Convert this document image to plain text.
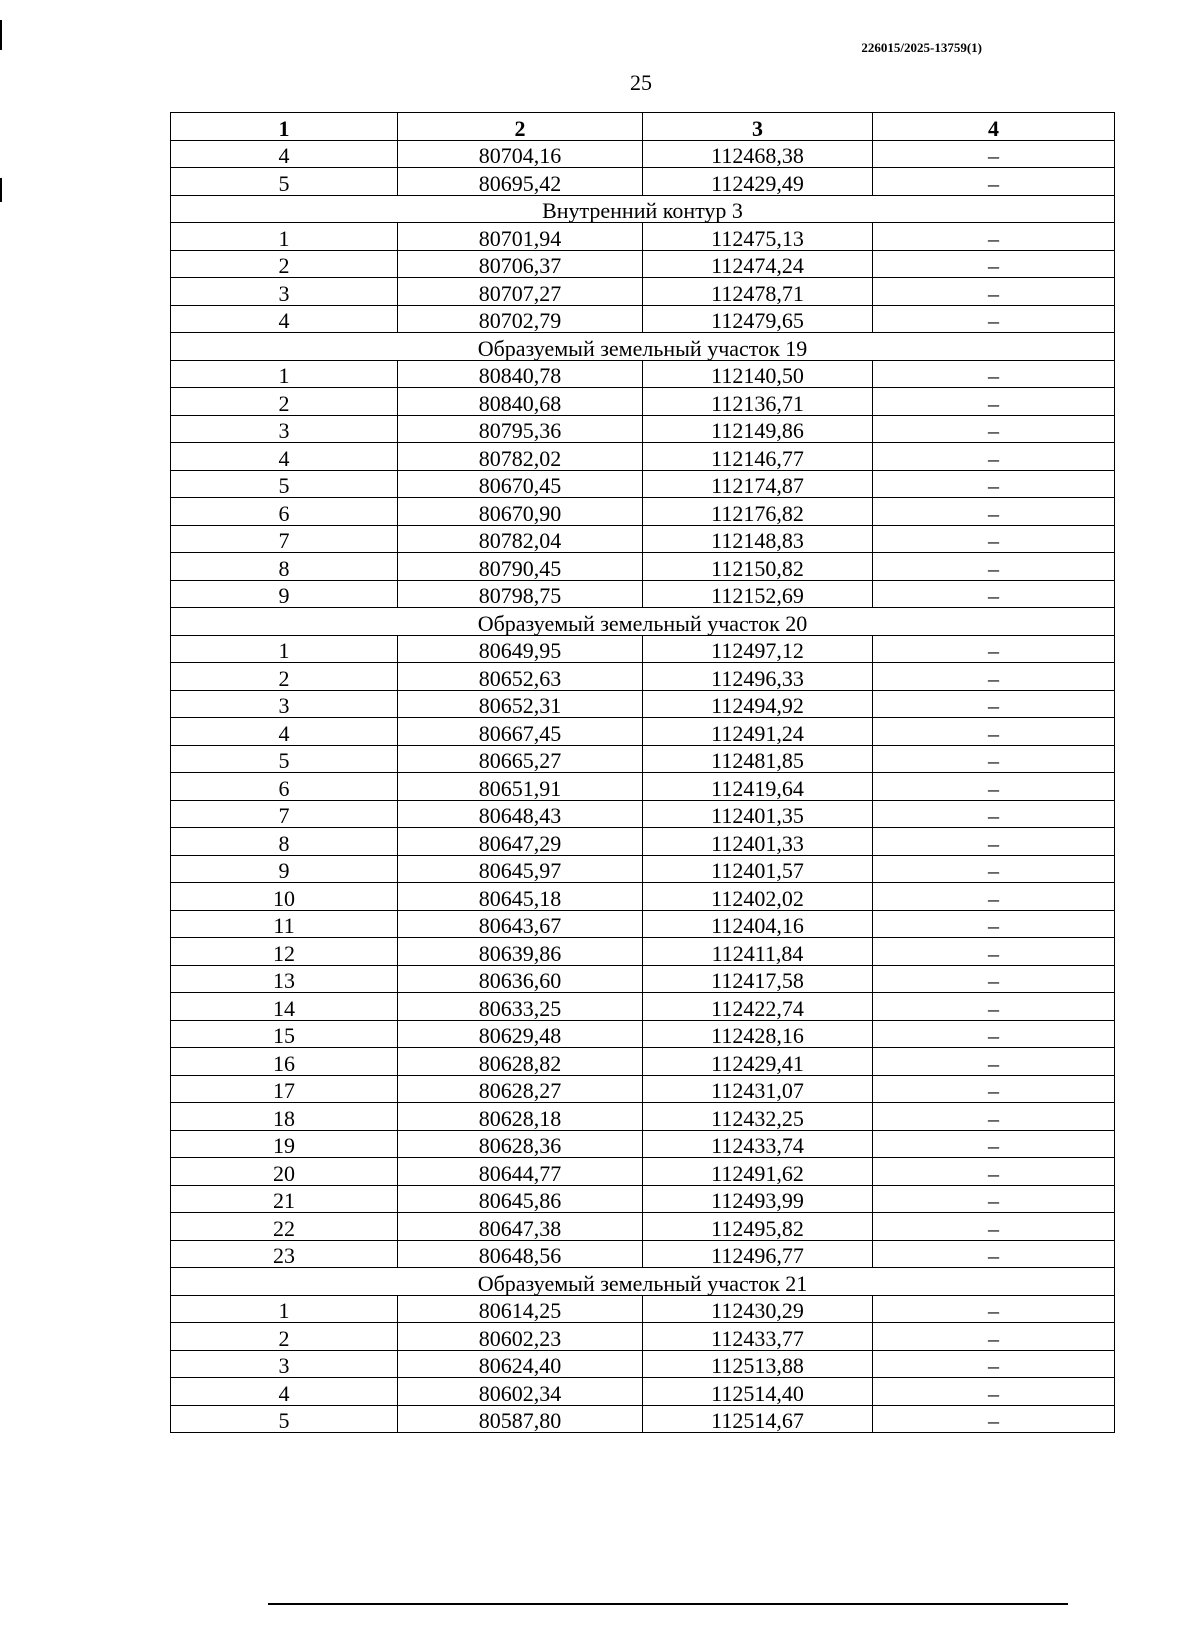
226015/2025-13759(1)
25
1	2	3	4
4	80704,16	112468,38	–
5	80695,42	112429,49	–
Внутренний контур 3			
1	80701,94	112475,13	–
2	80706,37	112474,24	–
3	80707,27	112478,71	–
4	80702,79	112479,65	–
Образуемый земельный участок 19			
1	80840,78	112140,50	–
2	80840,68	112136,71	–
3	80795,36	112149,86	–
4	80782,02	112146,77	–
5	80670,45	112174,87	–
6	80670,90	112176,82	–
7	80782,04	112148,83	–
8	80790,45	112150,82	–
9	80798,75	112152,69	–
Образуемый земельный участок 20			
1	80649,95	112497,12	–
2	80652,63	112496,33	–
3	80652,31	112494,92	–
4	80667,45	112491,24	–
5	80665,27	112481,85	–
6	80651,91	112419,64	–
7	80648,43	112401,35	–
8	80647,29	112401,33	–
9	80645,97	112401,57	–
10	80645,18	112402,02	–
11	80643,67	112404,16	–
12	80639,86	112411,84	–
13	80636,60	112417,58	–
14	80633,25	112422,74	–
15	80629,48	112428,16	–
16	80628,82	112429,41	–
17	80628,27	112431,07	–
18	80628,18	112432,25	–
19	80628,36	112433,74	–
20	80644,77	112491,62	–
21	80645,86	112493,99	–
22	80647,38	112495,82	–
23	80648,56	112496,77	–
Образуемый земельный участок 21			
1	80614,25	112430,29	–
2	80602,23	112433,77	–
3	80624,40	112513,88	–
4	80602,34	112514,40	–
5	80587,80	112514,67	–
